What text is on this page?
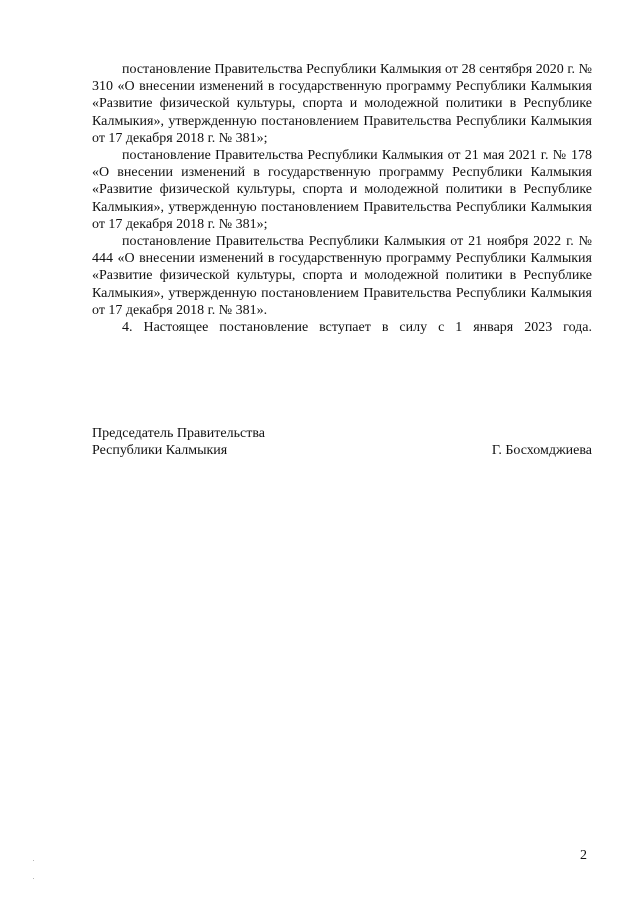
постановление Правительства Республики Калмыкия от 28 сентября 2020 г. № 310 «О внесении изменений в государственную программу Республики Калмыкия «Развитие физической культуры, спорта и молодежной политики в Республике Калмыкия», утвержденную постановлением Правительства Республики Калмыкия от 17 декабря 2018 г. № 381»;

постановление Правительства Республики Калмыкия от 21 мая 2021 г. № 178 «О внесении изменений в государственную программу Республики Калмыкия «Развитие физической культуры, спорта и молодежной политики в Республике Калмыкия», утвержденную постановлением Правительства Республики Калмыкия от 17 декабря 2018 г. № 381»;

постановление Правительства Республики Калмыкия от 21 ноября 2022 г. № 444 «О внесении изменений в государственную программу Республики Калмыкия «Развитие физической культуры, спорта и молодежной политики в Республике Калмыкия», утвержденную постановлением Правительства Республики Калмыкия от 17 декабря 2018 г. № 381».

4. Настоящее постановление вступает в силу с 1 января 2023 года.

Председатель Правительства
Республики Калмыкия	Г. Босхомджиева
2
